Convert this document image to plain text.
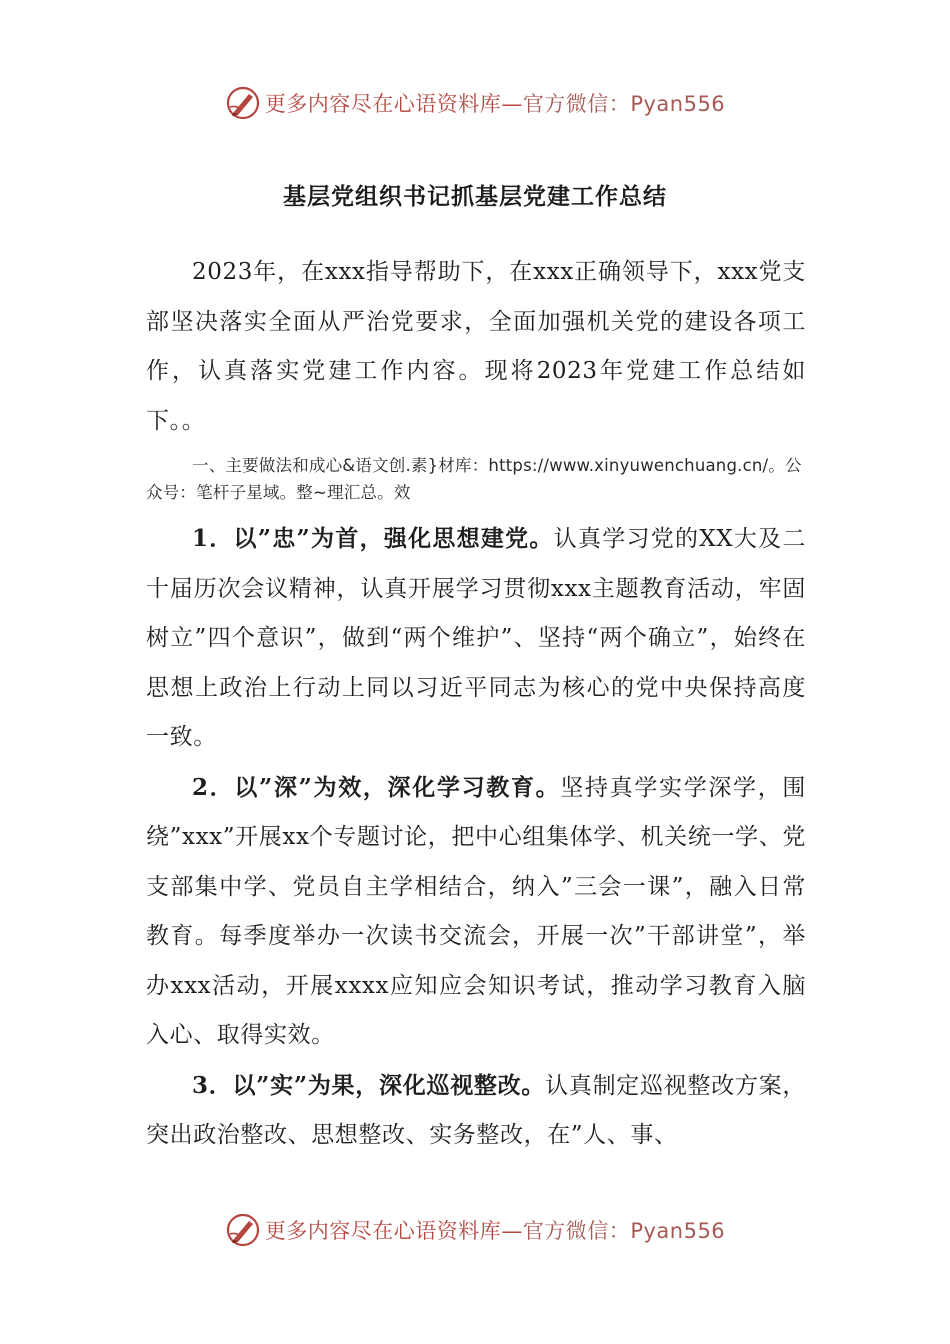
更多内容尽在心语资料库—官方微信：Pyan556
基层党组织书记抓基层党建工作总结

2023年，在xxx指导帮助下，在xxx正确领导下，xxx党支部坚决落实全面从严治党要求，全面加强机关党的建设各项工作，认真落实党建工作内容。现将2023年党建工作总结如下。。

一、主要做法和成心&语文创.素}材库：https://www.xinyuwenchuang.cn/。公众号：笔杆子星域。整~理汇总。效

1．以”忠”为首，强化思想建党。认真学习党的XX大及二十届历次会议精神，认真开展学习贯彻xxx主题教育活动，牢固树立”四个意识”，做到“两个维护”、坚持“两个确立”，始终在思想上政治上行动上同以习近平同志为核心的党中央保持高度一致。

2．以”深”为效，深化学习教育。坚持真学实学深学，围绕”xxx”开展xx个专题讨论，把中心组集体学、机关统一学、党支部集中学、党员自主学相结合，纳入”三会一课”，融入日常教育。每季度举办一次读书交流会，开展一次”干部讲堂”，举办xxx活动，开展xxxx应知应会知识考试，推动学习教育入脑入心、取得实效。

3．以”实”为果，深化巡视整改。认真制定巡视整改方案，突出政治整改、思想整改、实务整改，在”人、事、

更多内容尽在心语资料库—官方微信：Pyan556
